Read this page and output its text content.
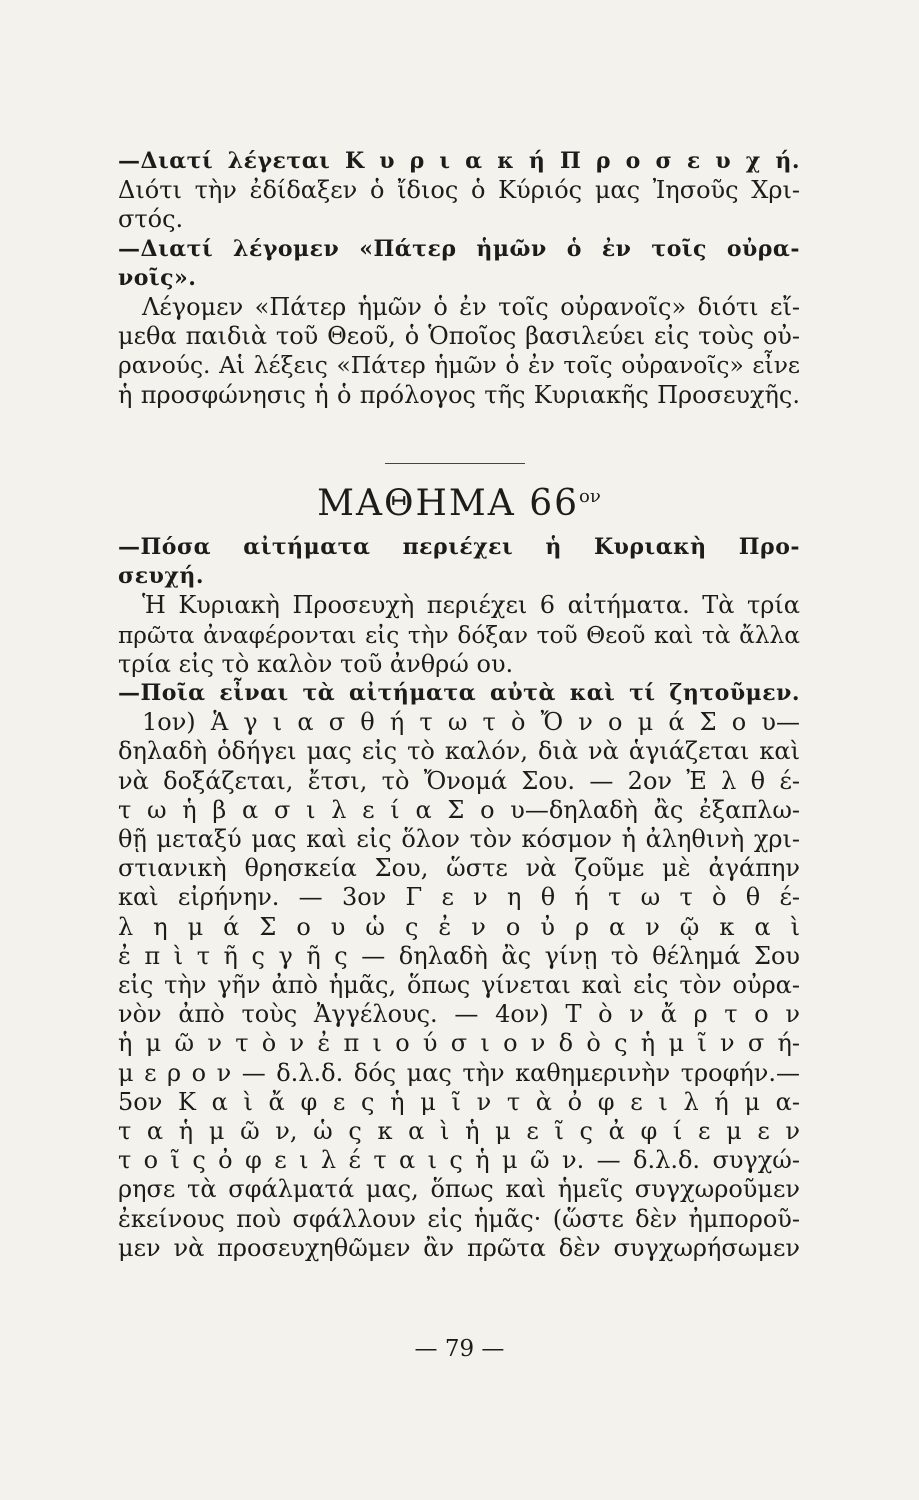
—Διατί λέγεται Κ υ ρ ι α κ ή Π ρ ο σ ε υ χ ή.
Διότι τὴν ἐδίδαξεν ὁ ἴδιος ὁ Κύριός μας Ἰησοῦς Χρι-
στός.
—Διατί λέγομεν «Πάτερ ἡμῶν ὁ ἐν τοῖς οὐρα-
νοῖς».
Λέγομεν «Πάτερ ἡμῶν ὁ ἐν τοῖς οὐρανοῖς» διότι εἴ-
μεθα παιδιὰ τοῦ Θεοῦ, ὁ Ὁποῖος βασιλεύει εἰς τοὺς οὐ-
ρανούς. Αἱ λέξεις «Πάτερ ἡμῶν ὁ ἐν τοῖς οὐρανοῖς» εἶνε
ἡ προσφώνησις ἡ ὁ πρόλογος τῆς Κυριακῆς Προσευχῆς.

ΜΑΘΗΜΑ $66^{o\nu}$

—Πόσα αἰτήματα περιέχει ἡ Κυριακὴ Προ-
σευχή.
Ἡ Κυριακὴ Προσευχὴ περιέχει 6 αἰτήματα. Τὰ τρία
πρῶτα ἀναφέρονται εἰς τὴν δόξαν τοῦ Θεοῦ καὶ τὰ ἄλλα
τρία εἰς τὸ καλὸν τοῦ ἀνθρώ ου.
—Ποῖα εἶναι τὰ αἰτήματα αὐτὰ καὶ τί ζητοῦμεν.
1ον) Ἁ γ ι α σ θ ή τ ω τ ὸ Ὄ ν ο μ ά Σ ο υ—
δηλαδὴ ὁδήγει μας εἰς τὸ καλόν, διὰ νὰ ἁγιάζεται καὶ
νὰ δοξάζεται, ἔτσι, τὸ Ὄνομά Σου. — 2ον Ἐ λ θ έ-
τ ω ἡ β α σ ι λ ε ί α Σ ο υ—δηλαδὴ ἂς ἐξαπλω-
θῇ μεταξύ μας καὶ εἰς ὅλον τὸν κόσμον ἡ ἀληθινὴ χρι-
στιανικὴ θρησκεία Σου, ὥστε νὰ ζοῦμε μὲ ἀγάπην
καὶ εἰρήνην. — 3ον Γ ε ν η θ ή τ ω τ ὸ θ έ-
λ η μ ά Σ ο υ ὡ ς ἐ ν ο ὐ ρ α ν ῷ κ α ὶ
ἐ π ὶ τ ῆ ς γ ῆ ς — δηλαδὴ ἂς γίνῃ τὸ θέλημά Σου
εἰς τὴν γῆν ἀπὸ ἡμᾶς, ὅπως γίνεται καὶ εἰς τὸν οὐρα-
νὸν ἀπὸ τοὺς Ἀγγέλους. — 4ον) Τ ὸ ν ἄ ρ τ ο ν
ἡ μ ῶ ν τ ὸ ν ἐ π ι ο ύ σ ι ο ν δ ὸ ς ἡ μ ῖ ν σ ή-
μ ε ρ ο ν — δ.λ.δ. δός μας τὴν καθημερινὴν τροφήν.—
5ον Κ α ὶ ἄ φ ε ς ἡ μ ῖ ν τ ὰ ὀ φ ε ι λ ή μ α-
τ α ἡ μ ῶ ν, ὡ ς κ α ὶ ἡ μ ε ῖ ς ἀ φ ί ε μ ε ν
τ ο ῖ ς ὀ φ ε ι λ έ τ α ι ς ἡ μ ῶ ν. — δ.λ.δ. συγχώ-
ρησε τὰ σφάλματά μας, ὅπως καὶ ἡμεῖς συγχωροῦμεν
ἐκείνους ποὺ σφάλλουν εἰς ἡμᾶς· (ὥστε δὲν ἠμποροῦ-
μεν νὰ προσευχηθῶμεν ἂν πρῶτα δὲν συγχωρήσωμεν
— 79 —
